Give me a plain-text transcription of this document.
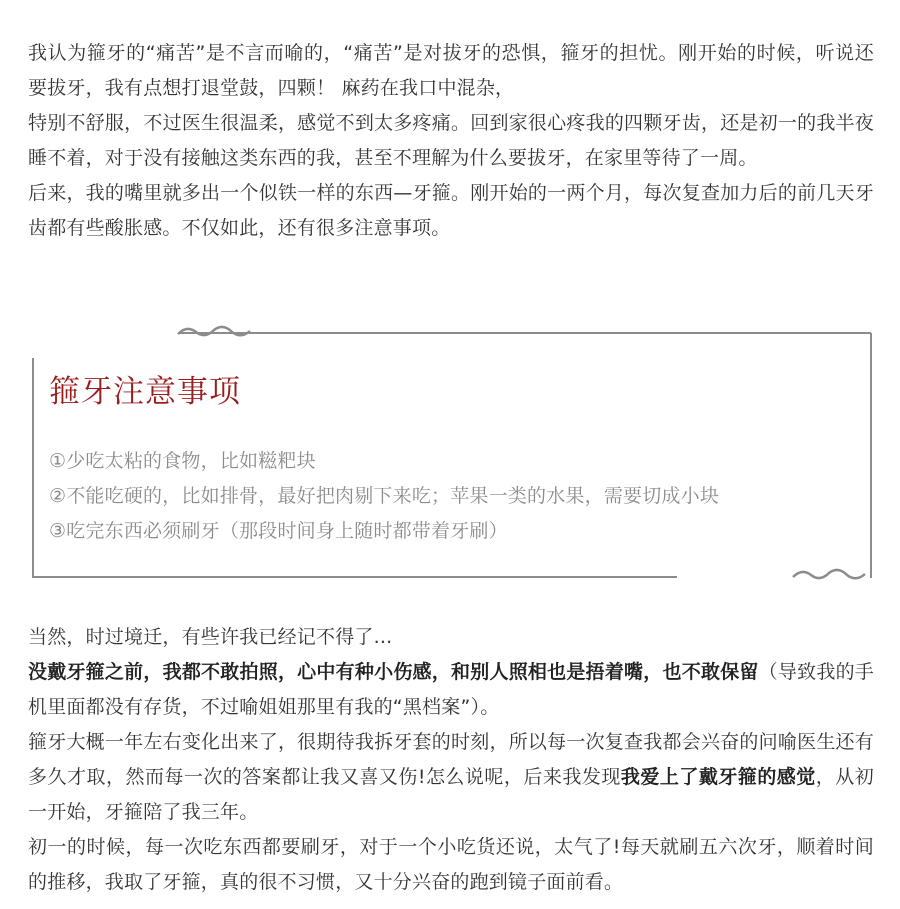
我认为箍牙的“痛苦”是不言而喻的，“痛苦”是对拔牙的恐惧，箍牙的担忧。刚开始的时候，听说还要拔牙，我有点想打退堂鼓，四颗！ 麻药在我口中混杂，

特别不舒服，不过医生很温柔，感觉不到太多疼痛。回到家很心疼我的四颗牙齿，还是初一的我半夜睡不着，对于没有接触这类东西的我，甚至不理解为什么要拔牙，在家里等待了一周。

后来，我的嘴里就多出一个似铁一样的东西—牙箍。刚开始的一两个月，每次复查加力后的前几天牙齿都有些酸胀感。不仅如此，还有很多注意事项。

箍牙注意事项
①少吃太粘的食物，比如糍粑块
②不能吃硬的，比如排骨，最好把肉剔下来吃；苹果一类的水果，需要切成小块
③吃完东西必须刷牙（那段时间身上随时都带着牙刷）

当然，时过境迁，有些许我已经记不得了...

没戴牙箍之前，我都不敢拍照，心中有种小伤感，和别人照相也是捂着嘴，也不敢保留（导致我的手机里面都没有存货，不过喻姐姐那里有我的“黑档案”）。

箍牙大概一年左右变化出来了，很期待我拆牙套的时刻，所以每一次复查我都会兴奋的问喻医生还有多久才取，然而每一次的答案都让我又喜又伤!怎么说呢，后来我发现我爱上了戴牙箍的感觉，从初一开始，牙箍陪了我三年。

初一的时候，每一次吃东西都要刷牙，对于一个小吃货还说，太气了!每天就刷五六次牙，顺着时间的推移，我取了牙箍，真的很不习惯，又十分兴奋的跑到镜子面前看。
